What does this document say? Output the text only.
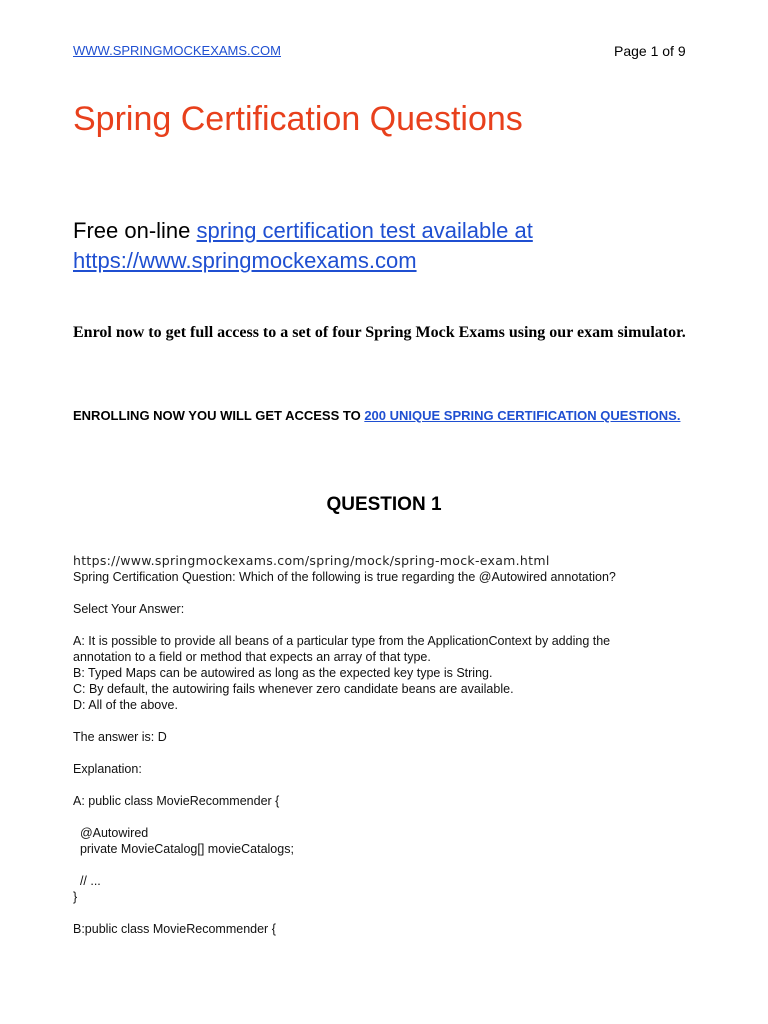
WWW.SPRINGMOCKEXAMS.COM	Page 1 of 9
Spring Certification Questions
Free on-line spring certification test available at https://www.springmockexams.com
Enrol now to get full access to a set of four Spring Mock Exams using our exam simulator.
ENROLLING NOW YOU WILL GET ACCESS TO 200 UNIQUE SPRING CERTIFICATION QUESTIONS.
QUESTION 1
https://www.springmockexams.com/spring/mock/spring-mock-exam.html
Spring Certification Question: Which of the following is true regarding the @Autowired annotation?
Select Your Answer:
A: It is possible to provide all beans of a particular type from the ApplicationContext by adding the
annotation to a field or method that expects an array of that type.
B: Typed Maps can be autowired as long as the expected key type is String.
C: By default, the autowiring fails whenever zero candidate beans are available.
D: All of the above.
The answer is: D
Explanation:
A: public class MovieRecommender {
@Autowired
private MovieCatalog[] movieCatalogs;
// ...
}
B:public class MovieRecommender {
